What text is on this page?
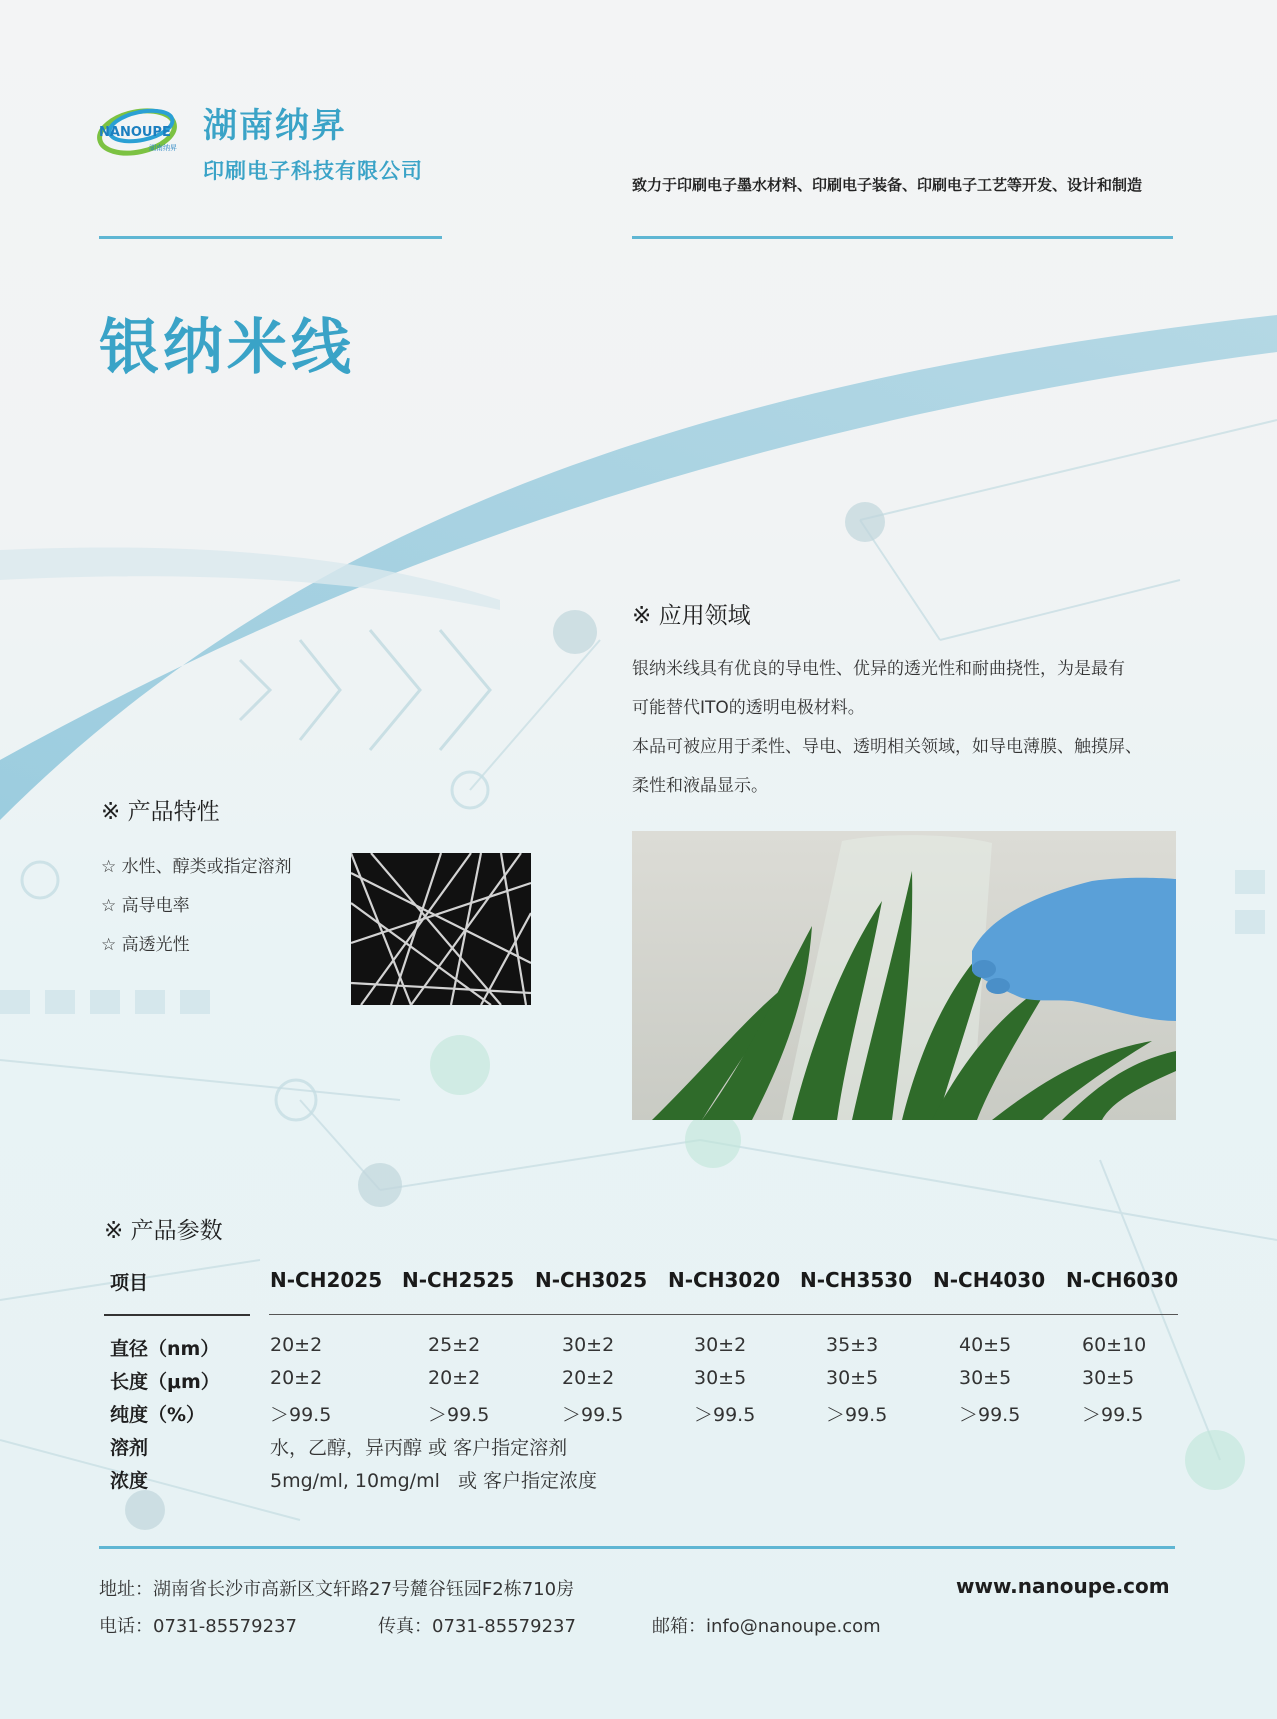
NANOUPE
湖南纳昇
湖南纳昇
印刷电子科技有限公司
致力于印刷电子墨水材料、印刷电子装备、印刷电子工艺等开发、设计和制造
银纳米线
※ 应用领域

银纳米线具有优良的导电性、优异的透光性和耐曲挠性，为是最有

可能替代ITO的透明电极材料。

本品可被应用于柔性、导电、透明相关领域，如导电薄膜、触摸屏、

柔性和液晶显示。

※ 产品特性
☆ 水性、醇类或指定溶剂
☆ 高导电率
☆ 高透光性
※ 产品参数
项目	N-CH2025 N-CH2525 N-CH3025 N-CH3020 N-CH3530 N-CH4030 N-CH6030
直径（nm）	20±2	25±2	30±2	30±2	35±3	40±5	60±10
长度（μm）	20±2	20±2	20±2	30±5	30±5	30±5	30±5
纯度（%）	＞99.5	＞99.5	＞99.5	＞99.5	＞99.5	＞99.5	＞99.5
溶剂	水，乙醇，异丙醇 或 客户指定溶剂
浓度	5mg/ml, 10mg/ml   或 客户指定浓度
地址：湖南省长沙市高新区文轩路27号麓谷钰园F2栋710房	www.nanoupe.com
电话：0731-85579237	传真：0731-85579237	邮箱：info@nanoupe.com
